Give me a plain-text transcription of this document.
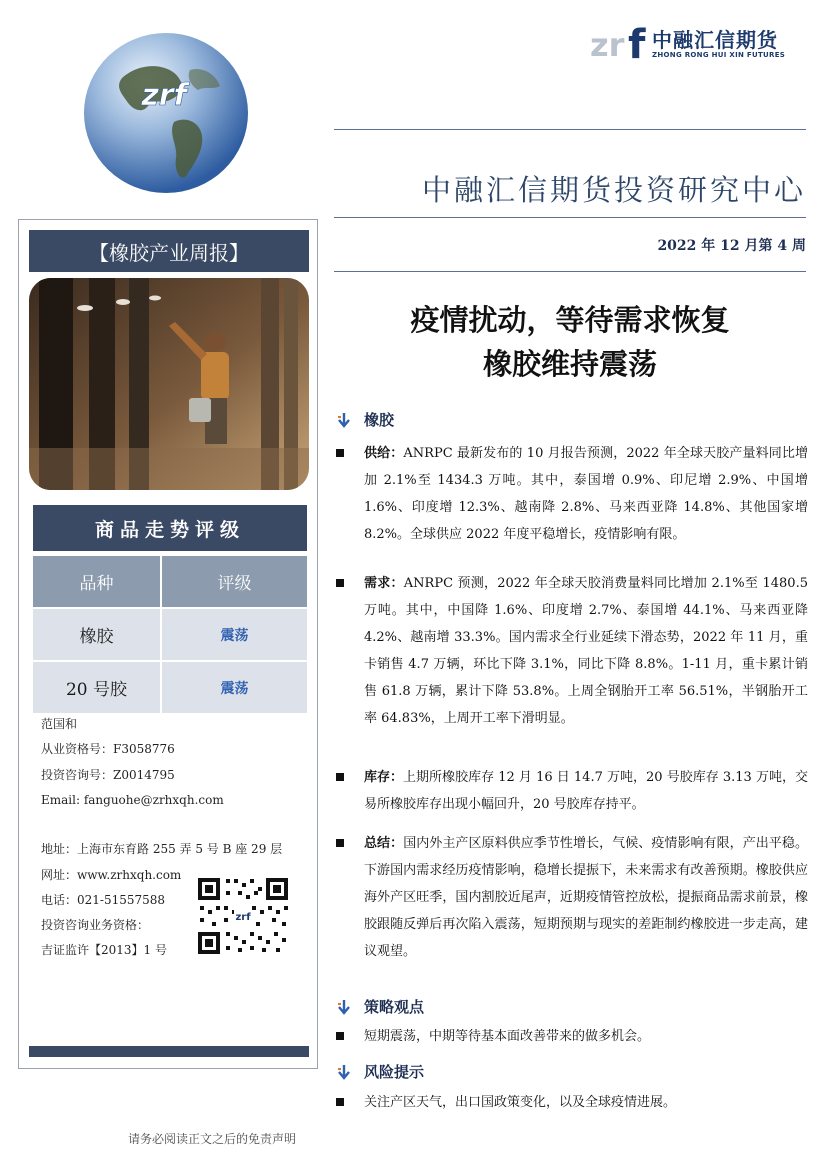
zrf
zr f 中融汇信期货
ZHONG RONG HUI XIN FUTURES
中融汇信期货投资研究中心
2022 年 12 月第 4 周
疫情扰动，等待需求恢复
橡胶维持震荡
【橡胶产业周报】
商品走势评级
品种	评级
橡胶	震荡
20 号胶	震荡
范国和
从业资格号：F3058776
投资咨询号：Z0014795
Email: fanguohe@zrhxqh.com
地址：上海市东育路 255 弄 5 号 B 座 29 层
网址：www.zrhxqh.com
电话：021-51557588
投资咨询业务资格：
吉证监许【2013】1 号
zrf
橡胶
供给：ANRPC 最新发布的 10 月报告预测，2022 年全球天胶产量料同比增加 2.1%至 1434.3 万吨。其中，泰国增 0.9%、印尼增 2.9%、中国增 1.6%、印度增 12.3%、越南降 2.8%、马来西亚降 14.8%、其他国家增 8.2%。全球供应 2022 年度平稳增长，疫情影响有限。
需求：ANRPC 预测，2022 年全球天胶消费量料同比增加 2.1%至 1480.5 万吨。其中，中国降 1.6%、印度增 2.7%、泰国增 44.1%、马来西亚降 4.2%、越南增 33.3%。国内需求全行业延续下滑态势，2022 年 11 月，重卡销售 4.7 万辆，环比下降 3.1%，同比下降 8.8%。1-11 月，重卡累计销售 61.8 万辆，累计下降 53.8%。上周全钢胎开工率 56.51%，半钢胎开工率 64.83%，上周开工率下滑明显。
库存：上期所橡胶库存 12 月 16 日 14.7 万吨，20 号胶库存 3.13 万吨，交易所橡胶库存出现小幅回升，20 号胶库存持平。
总结：国内外主产区原料供应季节性增长，气候、疫情影响有限，产出平稳。下游国内需求经历疫情影响，稳增长提振下，未来需求有改善预期。橡胶供应海外产区旺季，国内割胶近尾声，近期疫情管控放松，提振商品需求前景，橡胶跟随反弹后再次陷入震荡，短期预期与现实的差距制约橡胶进一步走高，建议观望。
策略观点
短期震荡，中期等待基本面改善带来的做多机会。
风险提示
关注产区天气，出口国政策变化，以及全球疫情进展。
请务必阅读正文之后的免责声明
